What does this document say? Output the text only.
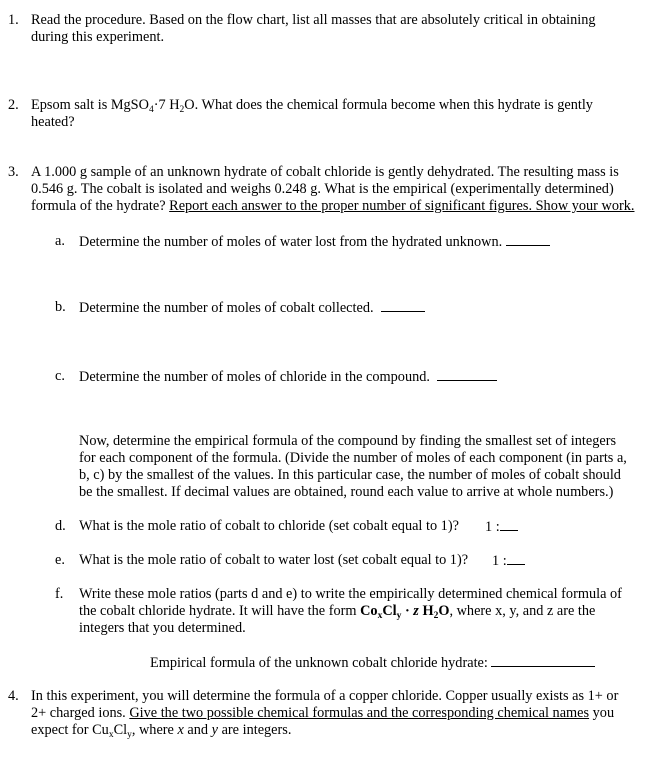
1. Read the procedure. Based on the flow chart, list all masses that are absolutely critical in obtaining
during this experiment.
2. Epsom salt is MgSO$_4$·7 $H_2O$. What does the chemical formula become when this hydrate is gently
heated?
3. A 1.000 g sample of an unknown hydrate of cobalt chloride is gently dehydrated. The resulting mass is
0.546 g. The cobalt is isolated and weighs 0.248 g. What is the empirical (experimentally determined)
formula of the hydrate? Report each answer to the proper number of significant figures. Show your work.
a. Determine the number of moles of water lost from the hydrated unknown.
b. Determine the number of moles of cobalt collected.
c. Determine the number of moles of chloride in the compound.
Now, determine the empirical formula of the compound by finding the smallest set of integers
for each component of the formula. (Divide the number of moles of each component (in parts a,
b, c) by the smallest of the values. In this particular case, the number of moles of cobalt should
be the smallest. If decimal values are obtained, round each value to arrive at whole numbers.)
d. What is the mole ratio of cobalt to chloride (set cobalt equal to 1)? 1 :
e. What is the mole ratio of cobalt to water lost (set cobalt equal to 1)? 1 :
f. Write these mole ratios (parts d and e) to write the empirically determined chemical formula of
the cobalt chloride hydrate. It will have the form $Co_xCl_y \cdot z$ $H_2O$, where x, y, and z are the
integers that you determined.
Empirical formula of the unknown cobalt chloride hydrate:
4. In this experiment, you will determine the formula of a copper chloride. Copper usually exists as 1+ or
2+ charged ions. Give the two possible chemical formulas and the corresponding chemical names you
expect for $Cu_xCl_y$, where x and y are integers.
